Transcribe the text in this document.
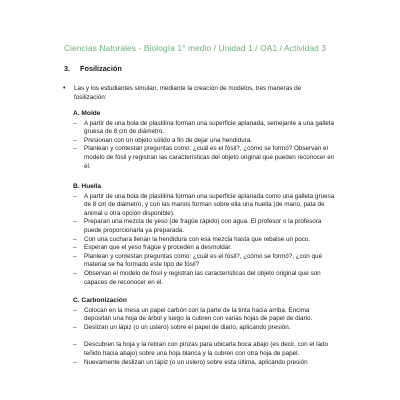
Ciencias Naturales - Biología 1° medio / Unidad 1 / OA1 / Actividad 3
3. Fosilización
• Las y los estudiantes simulan, mediante la creación de modelos, tres maneras de fosilización:
A. Molde
– A partir de una bola de plastilina forman una superficie aplanada, semejante a una galleta gruesa de 8 cm de diámetro.
– Presionan con un objeto sólido a fin de dejar una hendidura.
– Planlean y contestan preguntas como: ¿cuál es el fósil?, ¿cómo se formó? Observan el modelo de fósil y registran las características del objeto original que pueden reconocer en él.
B. Huella
– A partir de una bola de plastilina forman una superficie aplanada como una galleta gruesa de 8 cm de diámetro, y con las manos forman sobre ella una huella (de mano, pata de animal u otra opción disponible).
– Preparan una mezcla de yeso (de fragüe rápido) con agua. El profesor o la profesora puede proporcionarla ya preparada.
– Con una cuchara llenan la hendidura con esa mezcla hasta que rebalse un poco.
– Esperan que el yeso fragüe y proceden a desmoldar.
– Planlean y contestan preguntas como: ¿cuál es el fósil?, ¿cómo se formó?, ¿con qué material se ha formado este tipo de fósil?
– Observan el modelo de fósil y registran las características del objeto original que son capaces de reconocer en él.
C. Carbonización
– Colocan en la mesa un papel carbón con la parte de la tinta hacia arriba. Encima depositan una hoja de árbol y luego la cubren con varias hojas de papel de diario.
– Deslizan un lápiz (o un uslero) sobre el papel de diario, aplicando presión.
– Descubren la hoja y la retiran con pinzas para ubicarla boca abajo (es decir, con el lado teñido hacia abajo) sobre una hoja blanca y la cubren con otra hoja de papel.
– Nuevamente deslizan un lápiz (o un uslero) sobre esta última, aplicando presión
